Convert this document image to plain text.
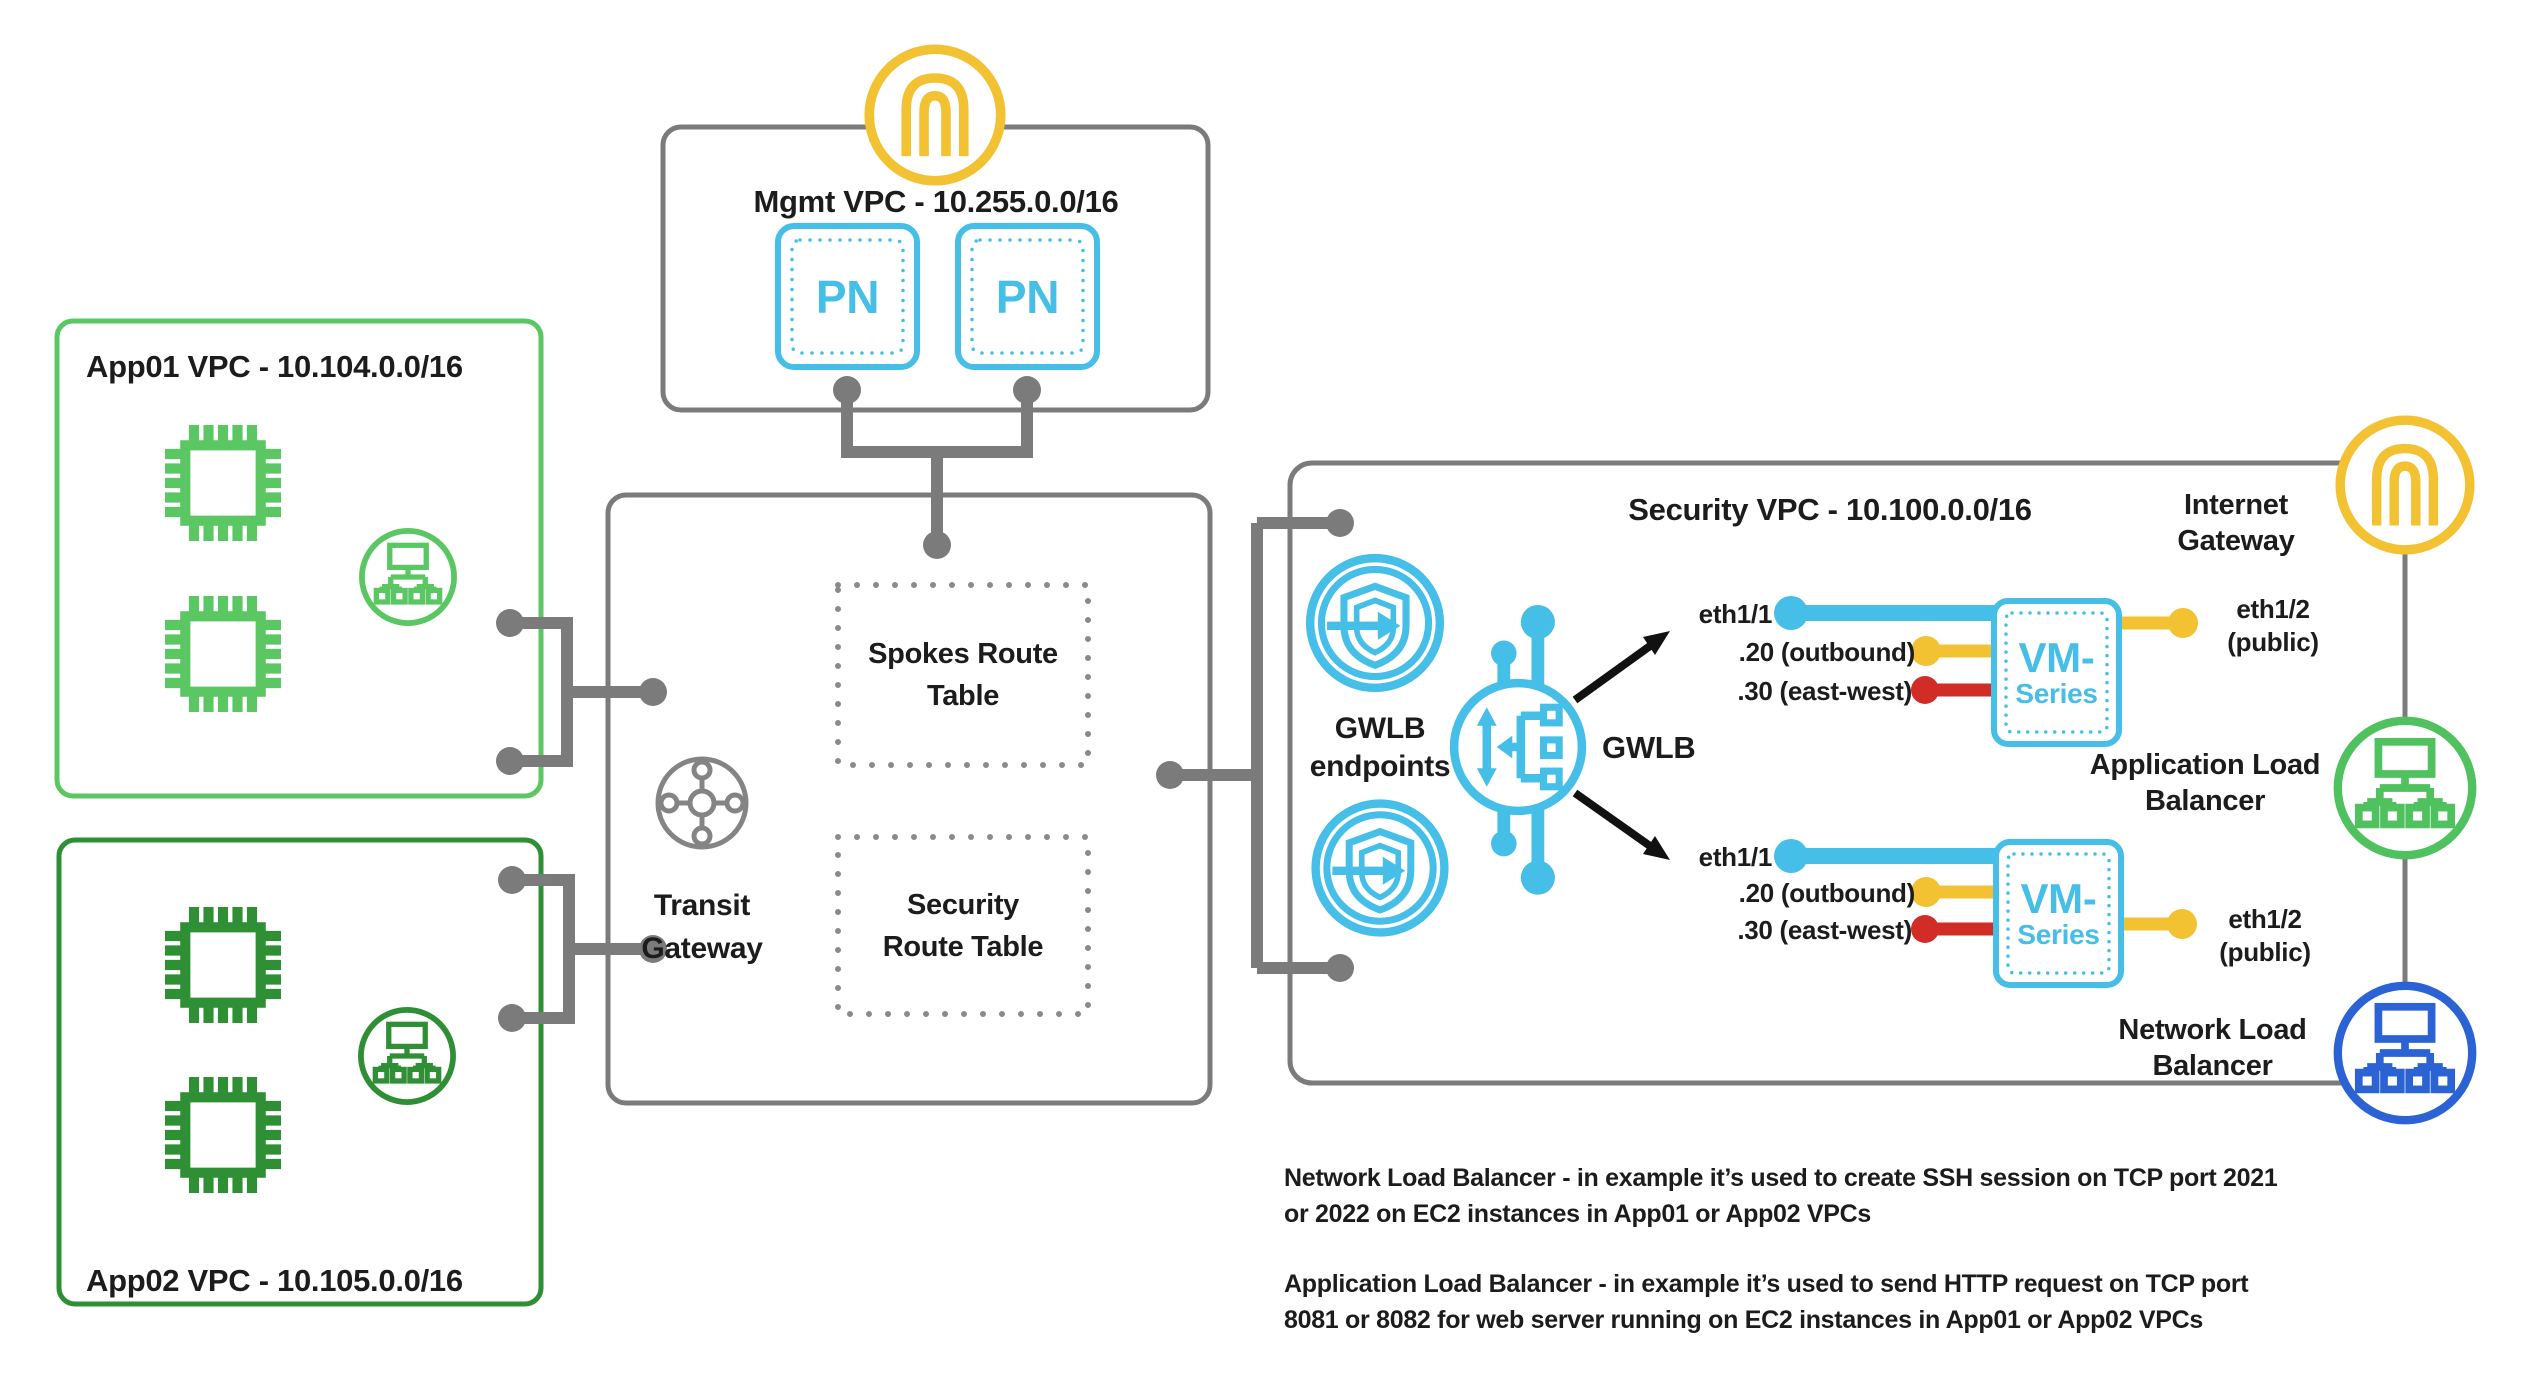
Mgmt VPC - 10.255.0.0/16
PN	PN
App01 VPC - 10.104.0.0/16
App02 VPC - 10.105.0.0/16
Transit Gateway
Spokes Route Table
Security Route Table
Security VPC - 10.100.0.0/16
GWLB endpoints
GWLB
eth1/1
.20 (outbound)
.30 (east-west)
VM-
Series
eth1/2
(public)
eth1/1
.20 (outbound)
.30 (east-west)
VM-
Series	eth1/2
(public)
Internet Gateway
Application Load Balancer
Network Load Balancer
Network Load Balancer - in example it’s used to create SSH session on TCP port 2021
or 2022 on EC2 instances in App01 or App02 VPCs
Application Load Balancer - in example it’s used to send HTTP request on TCP port
8081 or 8082 for web server running on EC2 instances in App01 or App02 VPCs
